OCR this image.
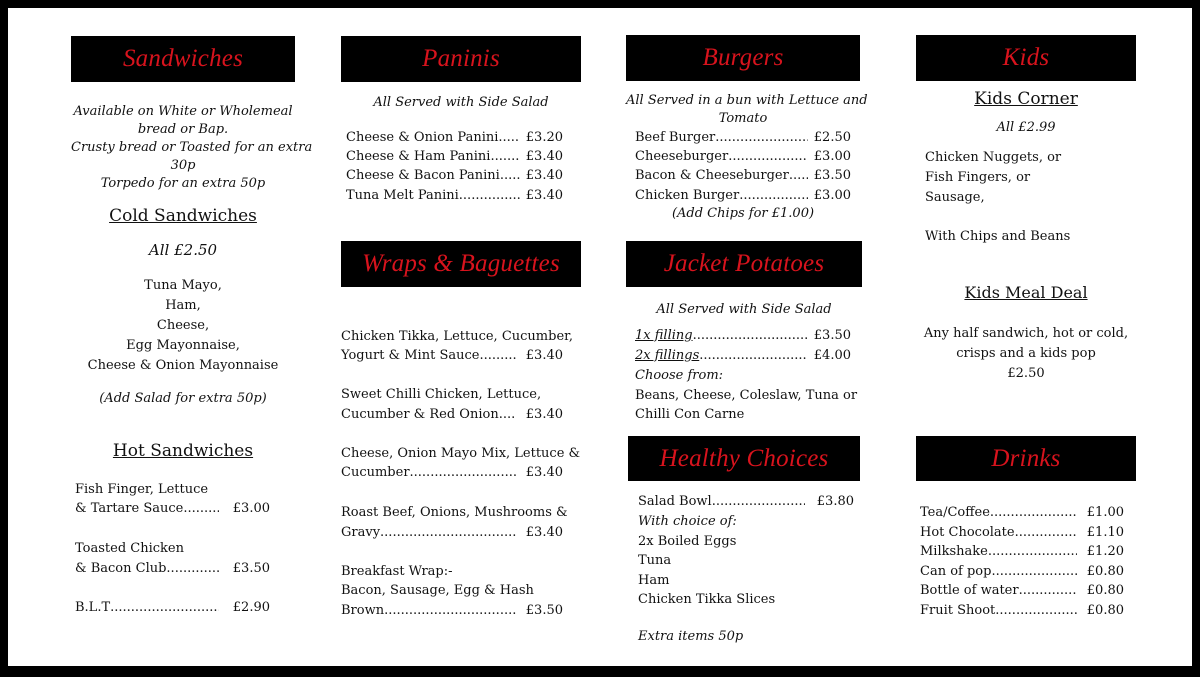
Sandwiches
Available on White or Wholemeal
bread or Bap.
Crusty bread or Toasted for an extra
30p
Torpedo for an extra 50p
Cold Sandwiches
All £2.50
Tuna Mayo,
Ham,
Cheese,
Egg Mayonnaise,
Cheese & Onion Mayonnaise
(Add Salad for extra 50p)
Hot Sandwiches
Fish Finger, Lettuce
& Tartare Sauce .....	£3.00
Toasted Chicken
& Bacon Club.. .....	£3.50
B.L.T .....	£2.90
Paninis
All Served with Side Salad
Cheese & Onion Panini ..... £3.20
Cheese & Ham Panini .....	£3.40
Cheese & Bacon Panini ..... £3.40
Tuna Melt Panini .....	£3.40
Wraps & Baguettes
Chicken Tikka, Lettuce, Cucumber,
Yogurt & Mint Sauce .....	£3.40
Sweet Chilli Chicken, Lettuce,
Cucumber & Red Onion ..... £3.40
Cheese, Onion Mayo Mix, Lettuce &
Cucumber .....	£3.40
Roast Beef, Onions, Mushrooms &
Gravy .....	£3.40
Breakfast Wrap:-
Bacon, Sausage, Egg & Hash
Brown .....	£3.50
Burgers
All Served in a bun with Lettuce and
Tomato
Beef Burger .....	£2.50
Cheeseburger .....	£3.00
Bacon & Cheeseburger ..... £3.50
Chicken Burger .....	£3.00
(Add Chips for £1.00)
Jacket Potatoes
All Served with Side Salad
1x filling .....	£3.50
2x fillings .....	£4.00
Choose from:
Beans, Cheese, Coleslaw, Tuna or
Chilli Con Carne
Healthy Choices
Salad Bowl .....	£3.80
With choice of:
2x Boiled Eggs
Tuna
Ham
Chicken Tikka Slices
Extra items 50p
Kids
Kids Corner
All £2.99
Chicken Nuggets, or
Fish Fingers, or
Sausage,
With Chips and Beans
Kids Meal Deal
Any half sandwich, hot or cold,
crisps and a kids pop
£2.50
Drinks
Tea/Coffee .....	£1.00
Hot Chocolate .....	£1.10
Milkshake .....	£1.20
Can of pop .....	£0.80
Bottle of water .....	£0.80
Fruit Shoot .....	£0.80
